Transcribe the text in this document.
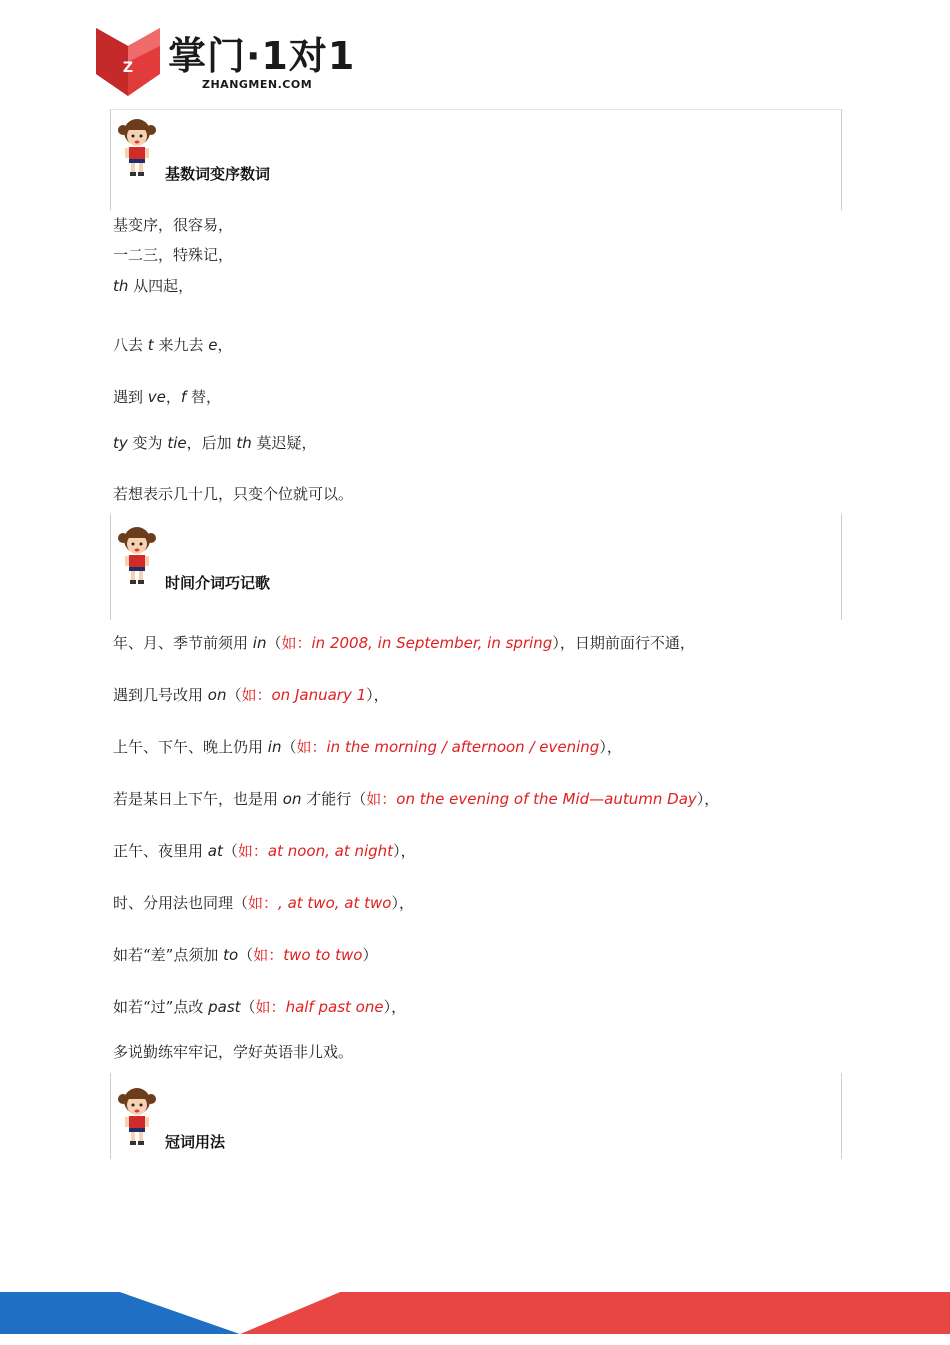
Z 掌门·1对1
ZHANGMEN.COM
基数词变序数词
基变序，很容易，
一二三，特殊记，
th 从四起，
八去 t 来九去 e，
遇到 ve，f 替，
ty 变为 tie，后加 th 莫迟疑，
若想表示几十几，只变个位就可以。
时间介词巧记歌
年、月、季节前须用 in（如：in 2008, in September, in spring），日期前面行不通，
遇到几号改用 on（如：on January 1），
上午、下午、晚上仍用 in（如：in the morning / afternoon / evening），
若是某日上下午，也是用 on 才能行（如：on the evening of the Mid—autumn Day），
正午、夜里用 at（如：at noon, at night），
时、分用法也同理（如：, at two, at two），
如若“差”点须加 to（如：two to two）
如若“过”点改 past（如：half past one），
多说勤练牢牢记，学好英语非儿戏。
冠词用法
